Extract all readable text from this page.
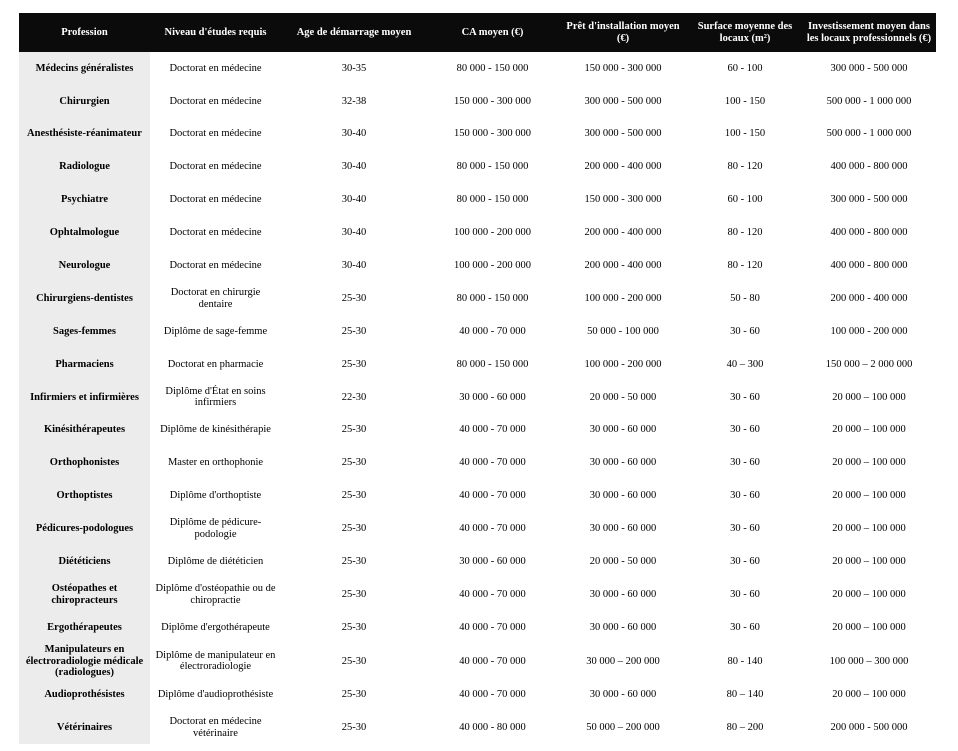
Profession	Niveau d'études requis	Age de démarrage moyen	CA moyen (€)	Prêt d'installation moyen (€)	Surface moyenne des locaux (m²)	Investissement moyen dans les locaux professionnels (€)
Médecins généralistes	Doctorat en médecine	30-35	80 000 - 150 000	150 000 - 300 000	60 - 100	300 000 - 500 000
Chirurgien	Doctorat en médecine	32-38	150 000 - 300 000	300 000 - 500 000	100 - 150	500 000 - 1 000 000
Anesthésiste-réanimateur	Doctorat en médecine	30-40	150 000 - 300 000	300 000 - 500 000	100 - 150	500 000 - 1 000 000
Radiologue	Doctorat en médecine	30-40	80 000 - 150 000	200 000 - 400 000	80 - 120	400 000 - 800 000
Psychiatre	Doctorat en médecine	30-40	80 000 - 150 000	150 000 - 300 000	60 - 100	300 000 - 500 000
Ophtalmologue	Doctorat en médecine	30-40	100 000 - 200 000	200 000 - 400 000	80 - 120	400 000 - 800 000
Neurologue	Doctorat en médecine	30-40	100 000 - 200 000	200 000 - 400 000	80 - 120	400 000 - 800 000
Chirurgiens-dentistes	Doctorat en chirurgie dentaire	25-30	80 000 - 150 000	100 000 - 200 000	50 - 80	200 000 - 400 000
Sages-femmes	Diplôme de sage-femme	25-30	40 000 - 70 000	50 000 - 100 000	30 - 60	100 000 - 200 000
Pharmaciens	Doctorat en pharmacie	25-30	80 000 - 150 000	100 000 - 200 000	40 – 300	150 000 – 2 000 000
Infirmiers et infirmières	Diplôme d'État en soins infirmiers	22-30	30 000 - 60 000	20 000 - 50 000	30 - 60	20 000 – 100 000
Kinésithérapeutes	Diplôme de kinésithérapie	25-30	40 000 - 70 000	30 000 - 60 000	30 - 60	20 000 – 100 000
Orthophonistes	Master en orthophonie	25-30	40 000 - 70 000	30 000 - 60 000	30 - 60	20 000 – 100 000
Orthoptistes	Diplôme d'orthoptiste	25-30	40 000 - 70 000	30 000 - 60 000	30 - 60	20 000 – 100 000
Pédicures-podologues	Diplôme de pédicure-podologie	25-30	40 000 - 70 000	30 000 - 60 000	30 - 60	20 000 – 100 000
Diététiciens	Diplôme de diététicien	25-30	30 000 - 60 000	20 000 - 50 000	30 - 60	20 000 – 100 000
Ostéopathes et chiropracteurs	Diplôme d'ostéopathie ou de chiropractie	25-30	40 000 - 70 000	30 000 - 60 000	30 - 60	20 000 – 100 000
Ergothérapeutes	Diplôme d'ergothérapeute	25-30	40 000 - 70 000	30 000 - 60 000	30 - 60	20 000 – 100 000
Manipulateurs en électroradiologie médicale (radiologues)	Diplôme de manipulateur en électroradiologie	25-30	40 000 - 70 000	30 000 – 200 000	80 - 140	100 000 – 300 000
Audioprothésistes	Diplôme d'audioprothésiste	25-30	40 000 - 70 000	30 000 - 60 000	80 – 140	20 000 – 100 000
Vétérinaires	Doctorat en médecine vétérinaire	25-30	40 000 - 80 000	50 000 – 200 000	80 – 200	200 000 - 500 000
